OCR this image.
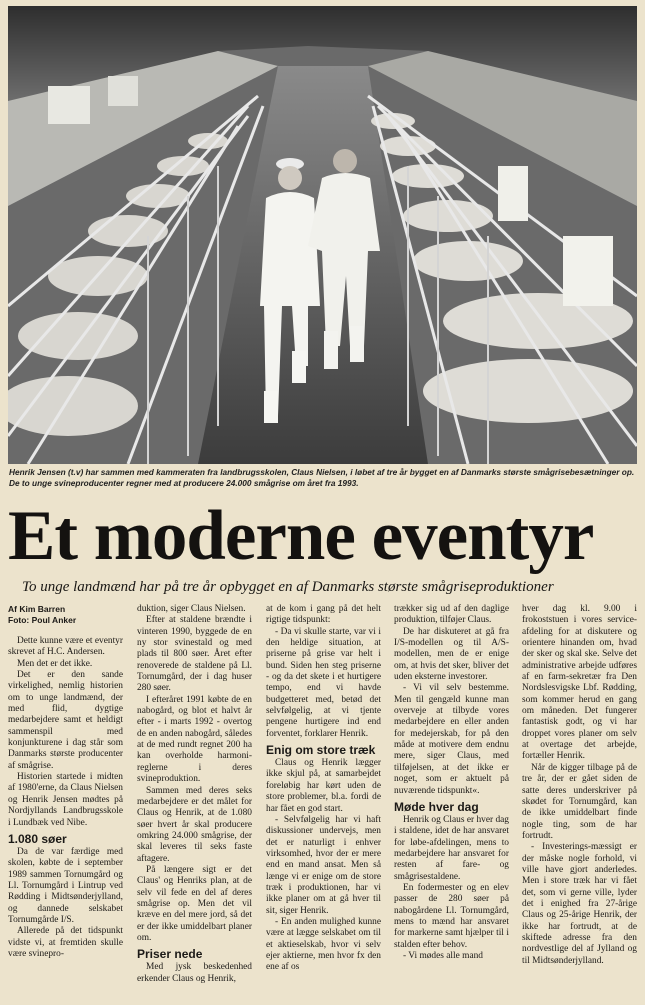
Henrik Jensen (t.v) har sammen med kammeraten fra landbrugsskolen, Claus Nielsen, i løbet af tre år bygget en af Danmarks største smågrisebesætninger op. De to unge svineproducenter regner med at producere 24.000 smågrise om året fra 1993.
Et moderne eventyr
To unge landmænd har på tre år opbygget en af Danmarks største smågriseproduktioner

Af Kim Barren

Foto: Poul Anker

Dette kunne være et eventyr skrevet af H.C. Andersen.

Men det er det ikke.

Det er den sande virkelighed, nemlig historien om to unge landmænd, der med flid, dygtige medarbejdere samt et heldigt sammenspil med konjunkturene i dag står som Danmarks største producenter af smågrise.

Historien startede i midten af 1980'erne, da Claus Nielsen og Henrik Jensen mødtes på Nordjyllands Landbrugsskole i Lundbæk ved Nibe.

1.080 søer

Da de var færdige med skolen, købte de i september 1989 sammen Tornumgård og Ll. Tornumgård i Lintrup ved Rødding i Midtsønderjylland, og dannede selskabet Tornumgårde I/S.

Allerede på det tidspunkt vidste vi, at fremtiden skulle være svinepro-

duktion, siger Claus Nielsen.

Efter at staldene brændte i vinteren 1990, byggede de en ny stor svinestald og med plads til 800 søer. Året efter renoverede de staldene på Ll. Tornumgård, der i dag huser 280 søer.

I efteråret 1991 købte de en nabogård, og blot et halvt år efter - i marts 1992 - overtog de en anden nabogård, således at de med rundt regnet 200 ha kan overholde harmoni-reglerne i deres svineproduktion.

Sammen med deres seks medarbejdere er det målet for Claus og Henrik, at de 1.080 søer hvert år skal producere omkring 24.000 smågrise, der skal leveres til seks faste aftagere.

På længere sigt er det Claus' og Henriks plan, at de selv vil fede en del af deres smågrise op. Men det vil kræve en del mere jord, så det er der ikke umiddelbart planer om.

Priser nede

Med jysk beskedenhed erkender Claus og Henrik,

at de kom i gang på det helt rigtige tidspunkt:

- Da vi skulle starte, var vi i den heldige situation, at priserne på grise var helt i bund. Siden hen steg priserne - og da det skete i et hurtigere tempo, end vi havde budgetteret med, betød det selvfølgelig, at vi tjente pengene hurtigere ind end forventet, forklarer Henrik.

Enig om store træk

Claus og Henrik lægger ikke skjul på, at samarbejdet foreløbig har kørt uden de store problemer, bl.a. fordi de har fået en god start.

- Selvfølgelig har vi haft diskussioner undervejs, men det er naturligt i enhver virksomhed, hvor der er mere end en mand ansat. Men så længe vi er enige om de store træk i produktionen, har vi ikke planer om at gå hver til sit, siger Henrik.

- En anden mulighed kunne være at lægge selskabet om til et aktieselskab, hvor vi selv ejer aktierne, men hvor fx den ene af os

trækker sig ud af den daglige produktion, tilføjer Claus.

De har diskuteret at gå fra I/S-modellen og til A/S-modellen, men de er enige om, at hvis det sker, bliver det uden eksterne investorer.

- Vi vil selv bestemme. Men til gengæld kunne man overveje at tilbyde vores medarbejdere en eller anden for medejerskab, for på den måde at motivere dem endnu mere, siger Claus, med tilføjelsen, at det ikke er noget, som er aktuelt på nuværende tidspunkt«.

Møde hver dag

Henrik og Claus er hver dag i staldene, idet de har ansvaret for løbe-afdelingen, mens to medarbejdere har ansvaret for resten af fare- og smågrisestaldene.

En fodermester og en elev passer de 280 søer på nabogårdene Ll. Tornumgård, mens to mænd har ansvaret for markerne samt hjælper til i stalden efter behov.

- Vi mødes alle mand

hver dag kl. 9.00 i frokoststuen i vores service-afdeling for at diskutere og orientere hinanden om, hvad der sker og skal ske. Selve det administrative arbejde udføres af en farm-sekretær fra Den Nordslesvigske Lbf. Rødding, som kommer herud en gang om måneden. Det fungerer fantastisk godt, og vi har droppet vores planer om selv at overtage det arbejde, fortæller Henrik.

Når de kigger tilbage på de tre år, der er gået siden de satte deres underskriver på skødet for Tornumgård, kan de ikke umiddelbart finde nogle ting, som de har fortrudt.

- Investerings-mæssigt er der måske nogle forhold, vi ville have gjort anderledes. Men i store træk har vi fået det, som vi gerne ville, lyder det i enighed fra 27-årige Claus og 25-årige Henrik, der ikke har fortrudt, at de skiftede adresse fra den nordvestlige del af Jylland og til Midtsønderjylland.
